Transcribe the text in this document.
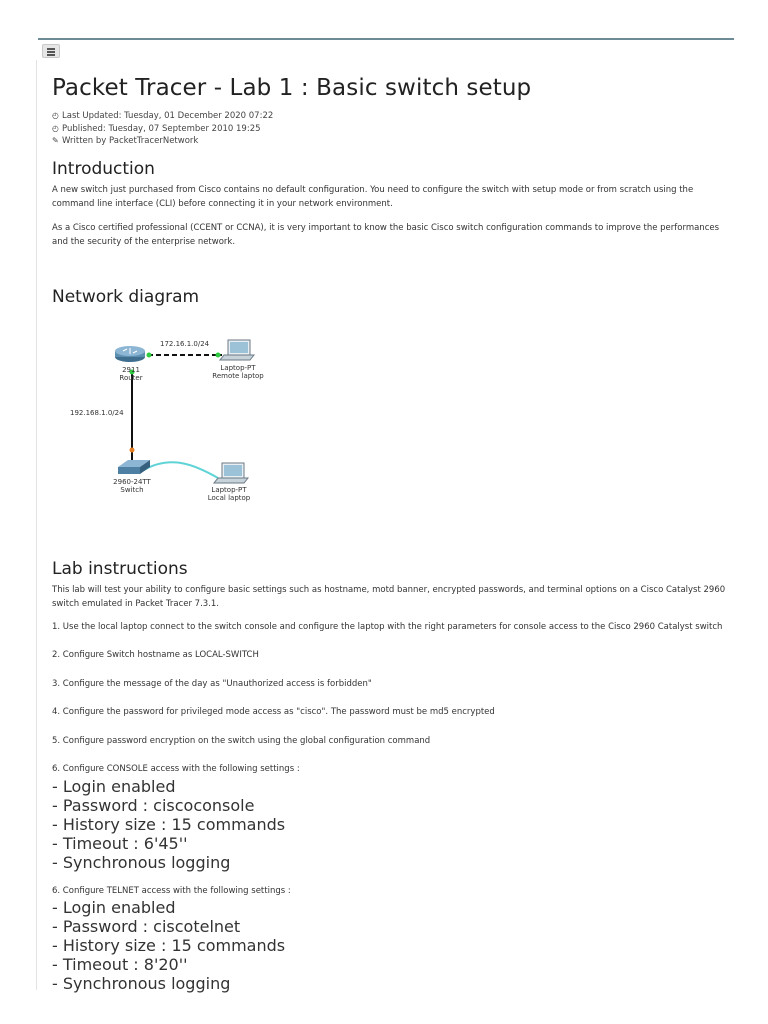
Packet Tracer - Lab 1 : Basic switch setup
◴ Last Updated: Tuesday, 01 December 2020 07:22
◴ Published: Tuesday, 07 September 2010 19:25
✎ Written by PacketTracerNetwork
Introduction

A new switch just purchased from Cisco contains no default configuration. You need to configure the switch with setup mode or from scratch using the command line interface (CLI) before connecting it in your network environment.

As a Cisco certified professional (CCENT or CCNA), it is very important to know the basic Cisco switch configuration commands to improve the performances and the security of the enterprise network.

Network diagram
172.16.1.0/24
2911
Router
Laptop-PT
Remote laptop
192.168.1.0/24
2960-24TT
Switch	Laptop-PT
Local laptop
Lab instructions

This lab will test your ability to configure basic settings such as hostname, motd banner, encrypted passwords, and terminal options on a Cisco Catalyst 2960 switch emulated in Packet Tracer 7.3.1.

1. Use the local laptop connect to the switch console and configure the laptop with the right parameters for console access to the Cisco 2960 Catalyst switch

2. Configure Switch hostname as LOCAL-SWITCH

3. Configure the message of the day as "Unauthorized access is forbidden"

4. Configure the password for privileged mode access as "cisco". The password must be md5 encrypted

5. Configure password encryption on the switch using the global configuration command

6. Configure CONSOLE access with the following settings :

- Login enabled
- Password : ciscoconsole
- History size : 15 commands
- Timeout : 6'45''
- Synchronous logging

6. Configure TELNET access with the following settings :

- Login enabled
- Password : ciscotelnet
- History size : 15 commands
- Timeout : 8'20''
- Synchronous logging
